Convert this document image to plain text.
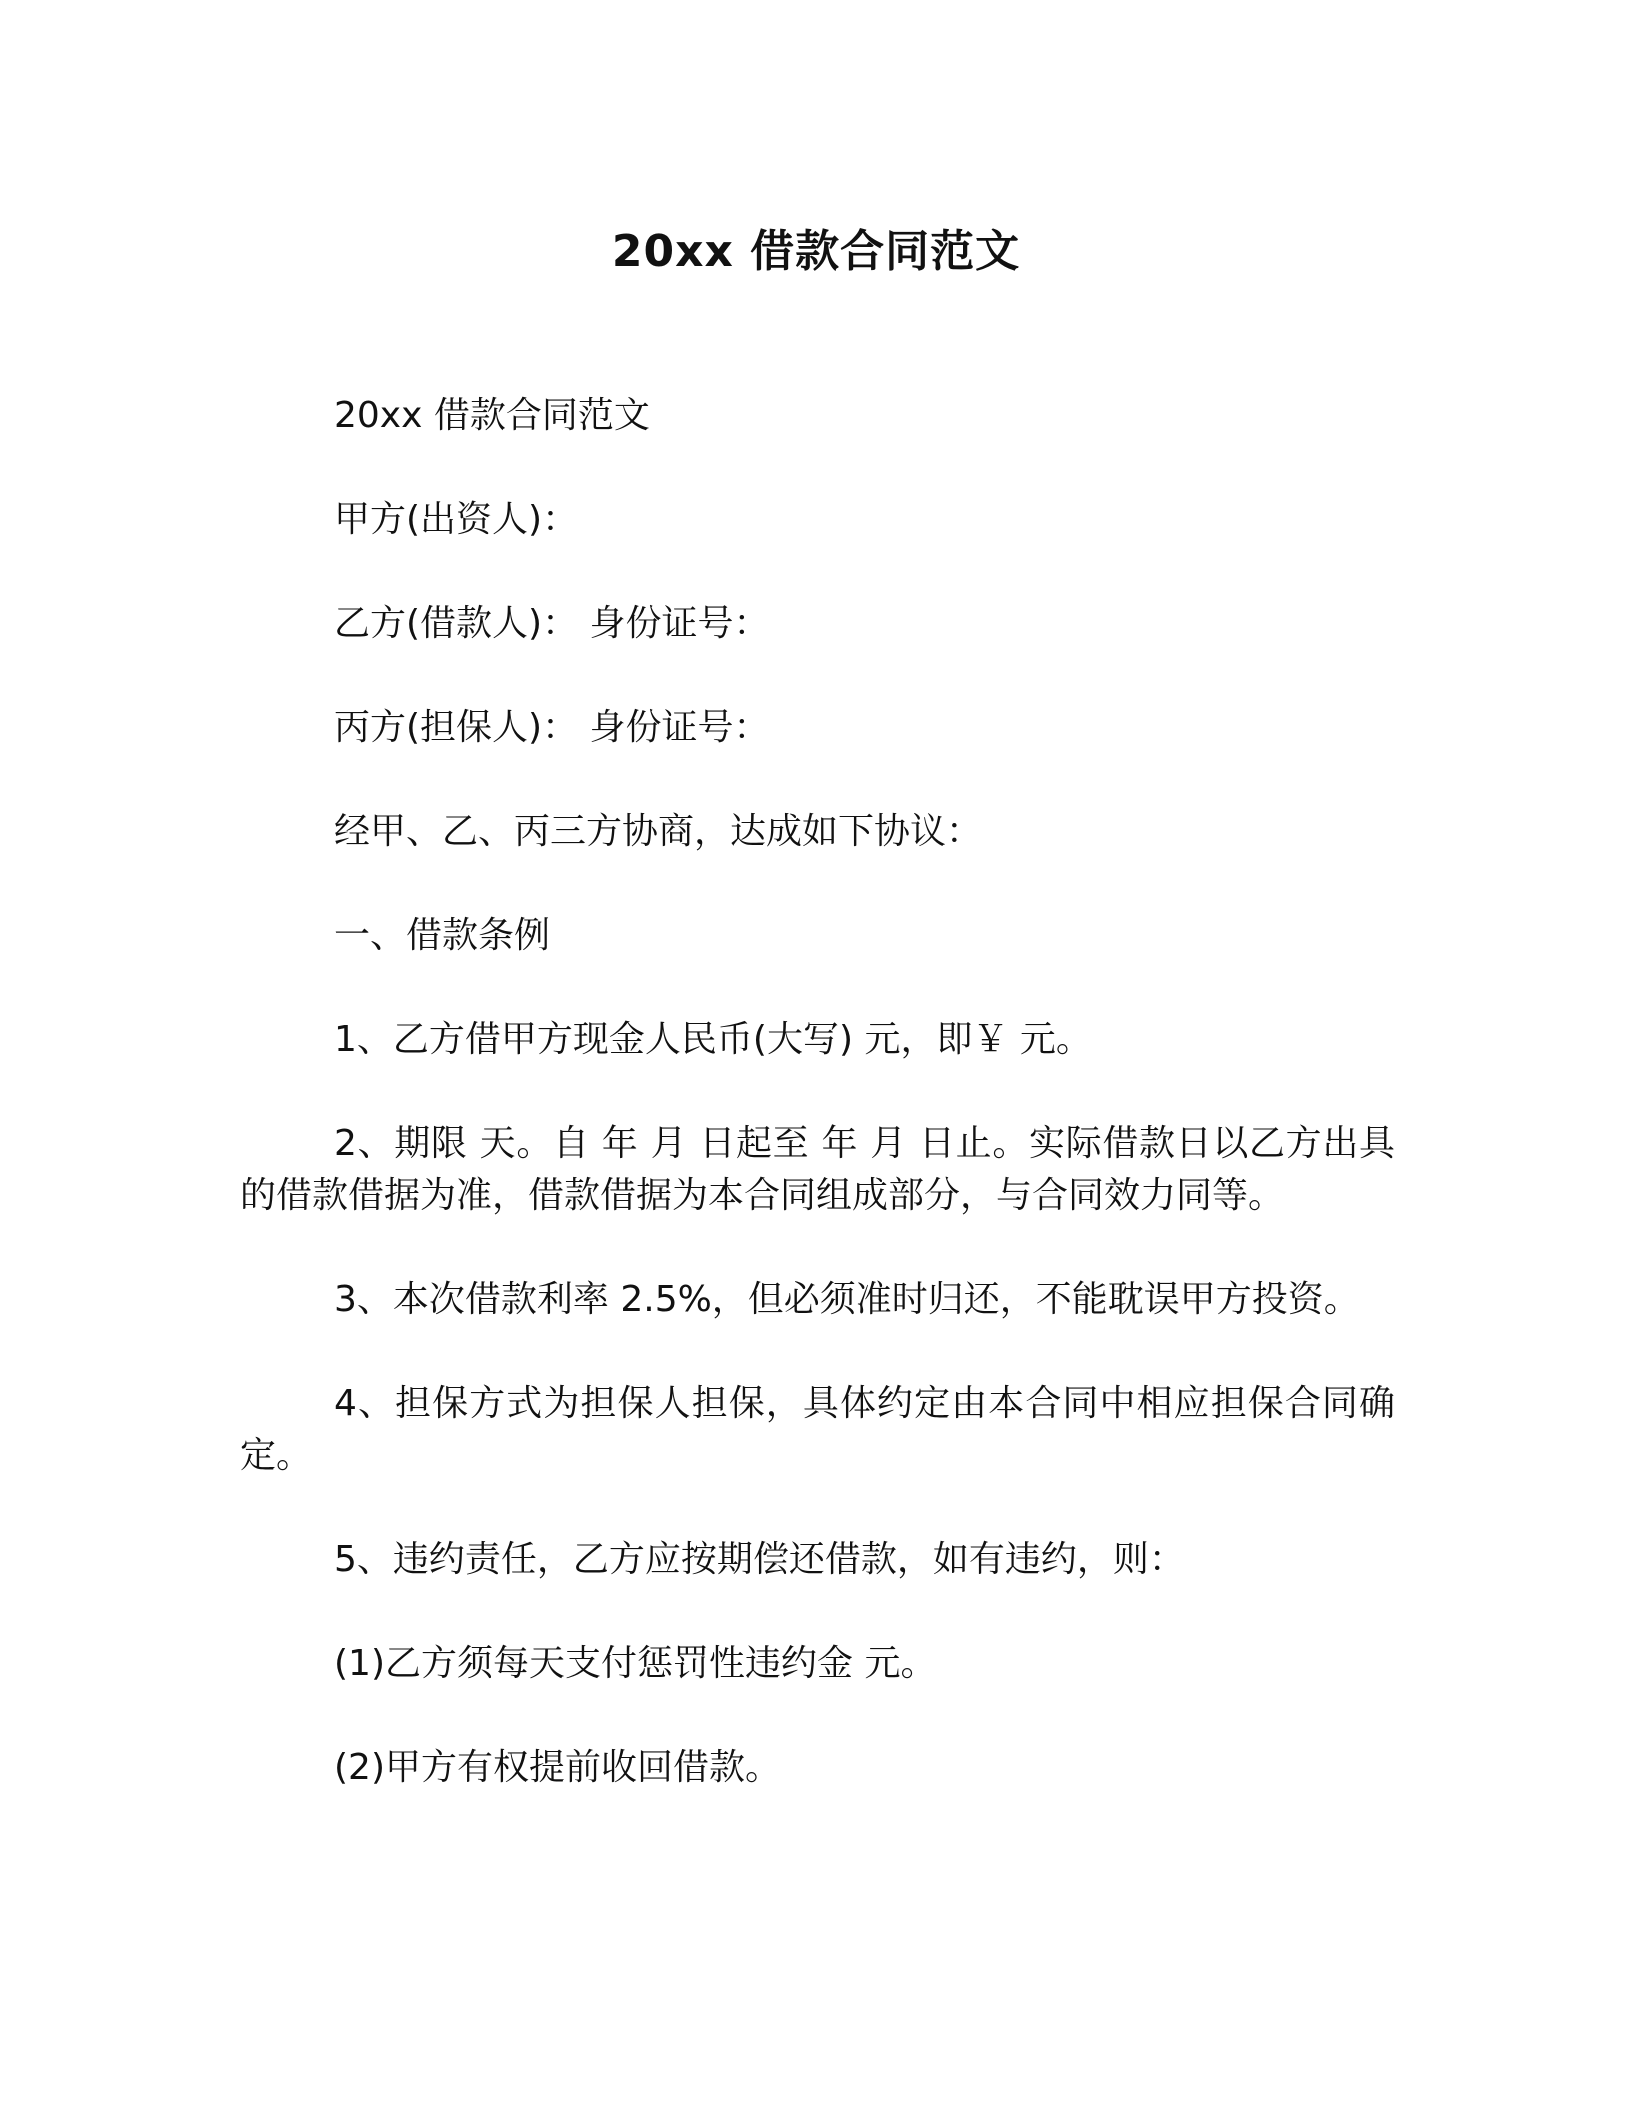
20xx 借款合同范文

20xx 借款合同范文

甲方(出资人)：

乙方(借款人)： 身份证号：

丙方(担保人)： 身份证号：

经甲、乙、丙三方协商，达成如下协议：

一、借款条例

1、乙方借甲方现金人民币(大写) 元，即￥ 元。

2、期限 天。自 年 月 日起至 年 月 日止。实际借款日以乙方出具的借款借据为准，借款借据为本合同组成部分，与合同效力同等。

3、本次借款利率 2.5%，但必须准时归还，不能耽误甲方投资。

4、担保方式为担保人担保，具体约定由本合同中相应担保合同确定。

5、违约责任，乙方应按期偿还借款，如有违约，则：

(1)乙方须每天支付惩罚性违约金 元。

(2)甲方有权提前收回借款。
